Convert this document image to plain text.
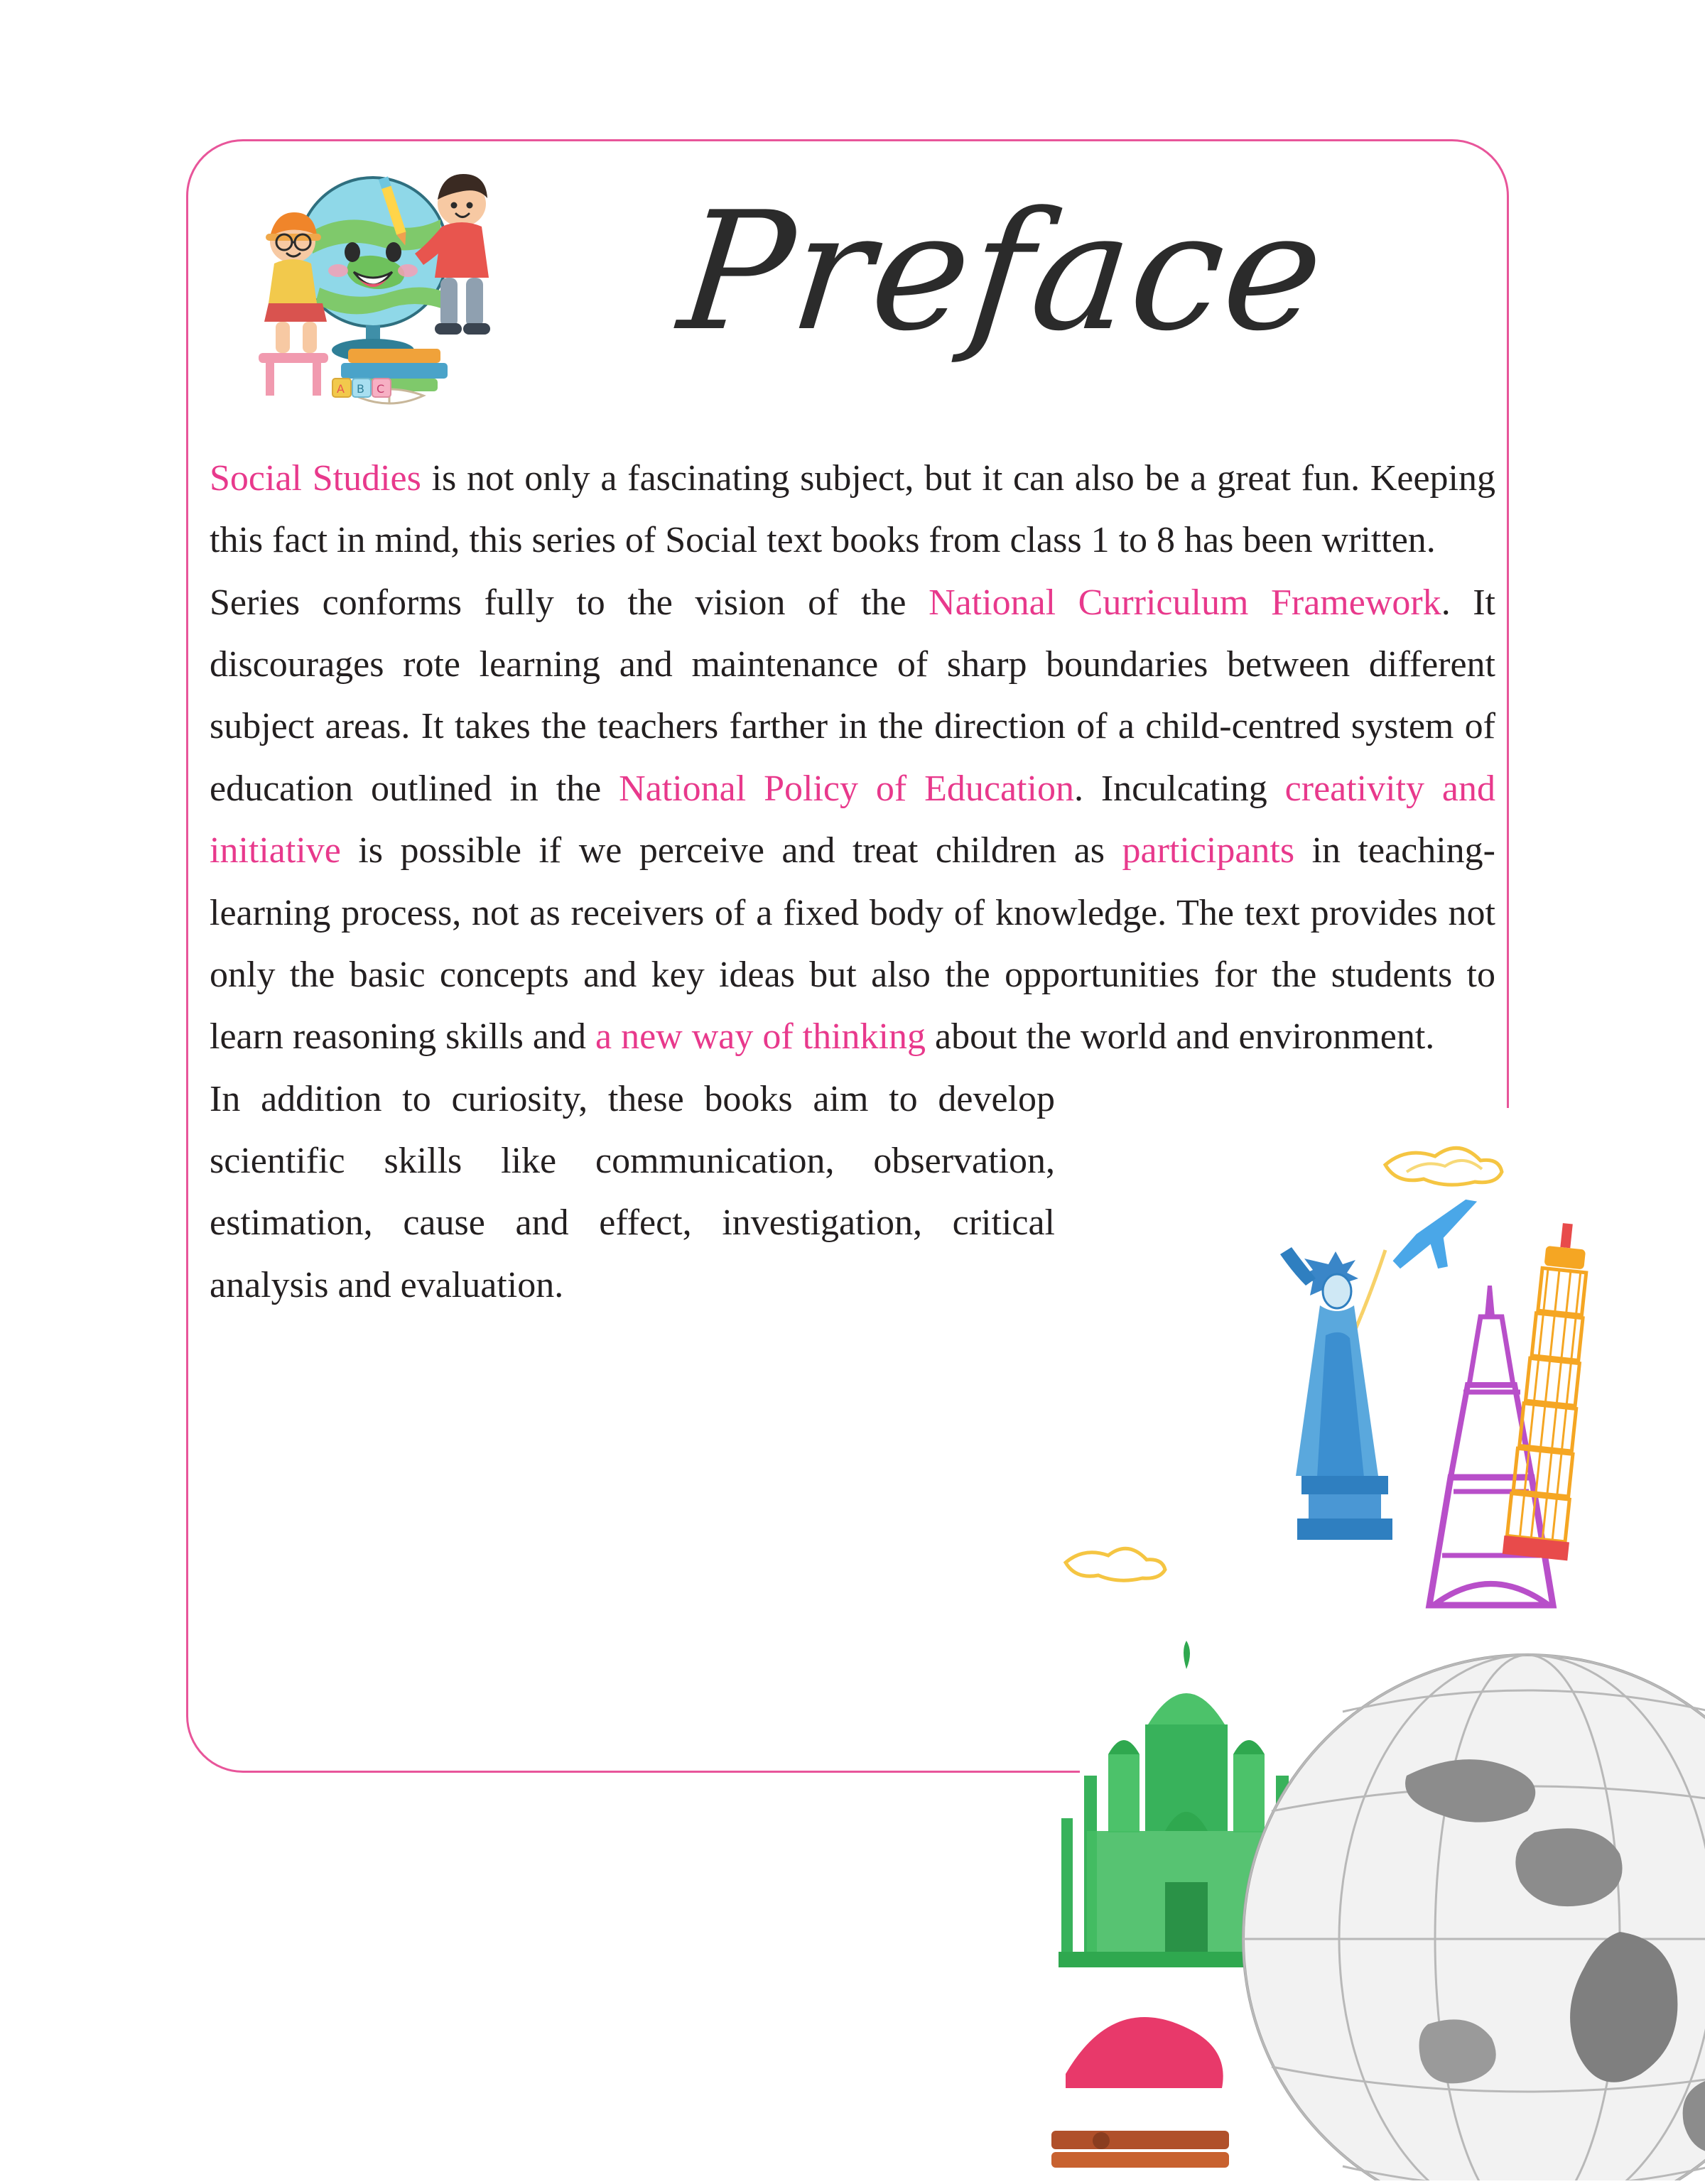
Preface
A B C

Social Studies is not only a fascinating subject, but it can also be a great fun. Keeping this fact in mind, this series of Social text books from class 1 to 8 has been written.

Series conforms fully to the vision of the National Curriculum Framework. It discourages rote learning and maintenance of sharp boundaries between different subject areas. It takes the teachers farther in the direction of a child-centred system of education outlined in the National Policy of Education. Inculcating creativity and initiative is possible if we perceive and treat children as participants in teaching-learning process, not as receivers of a fixed body of knowledge. The text provides not only the basic concepts and key ideas but also the opportunities for the students to learn reasoning skills and a new way of thinking about the world and environment.

In addition to curiosity, these books aim to develop scientific skills like communication, observation, estimation, cause and effect, investigation, critical analysis and evaluation.
